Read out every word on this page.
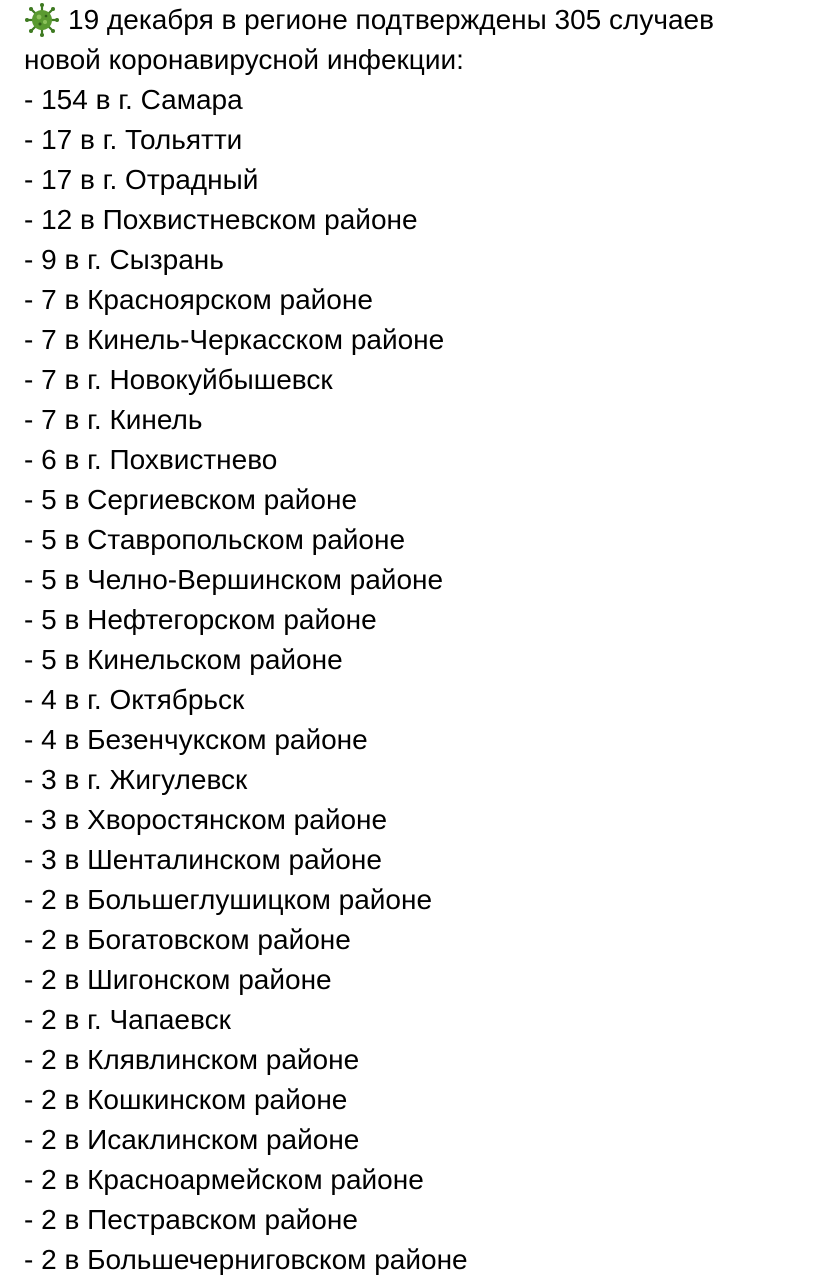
19 декабря в регионе подтверждены 305 случаев
новой коронавирусной инфекции:
- 154 в г. Самара
- 17 в г. Тольятти
- 17 в г. Отрадный
- 12 в Похвистневском районе
- 9 в г. Сызрань
- 7 в Красноярском районе
- 7 в Кинель-Черкасском районе
- 7 в г. Новокуйбышевск
- 7 в г. Кинель
- 6 в г. Похвистнево
- 5 в Сергиевском районе
- 5 в Ставропольском районе
- 5 в Челно-Вершинском районе
- 5 в Нефтегорском районе
- 5 в Кинельском районе
- 4 в г. Октябрьск
- 4 в Безенчукском районе
- 3 в г. Жигулевск
- 3 в Хворостянском районе
- 3 в Шенталинском районе
- 2 в Большеглушицком районе
- 2 в Богатовском районе
- 2 в Шигонском районе
- 2 в г. Чапаевск
- 2 в Клявлинском районе
- 2 в Кошкинском районе
- 2 в Исаклинском районе
- 2 в Красноармейском районе
- 2 в Пестравском районе
- 2 в Большечерниговском районе
